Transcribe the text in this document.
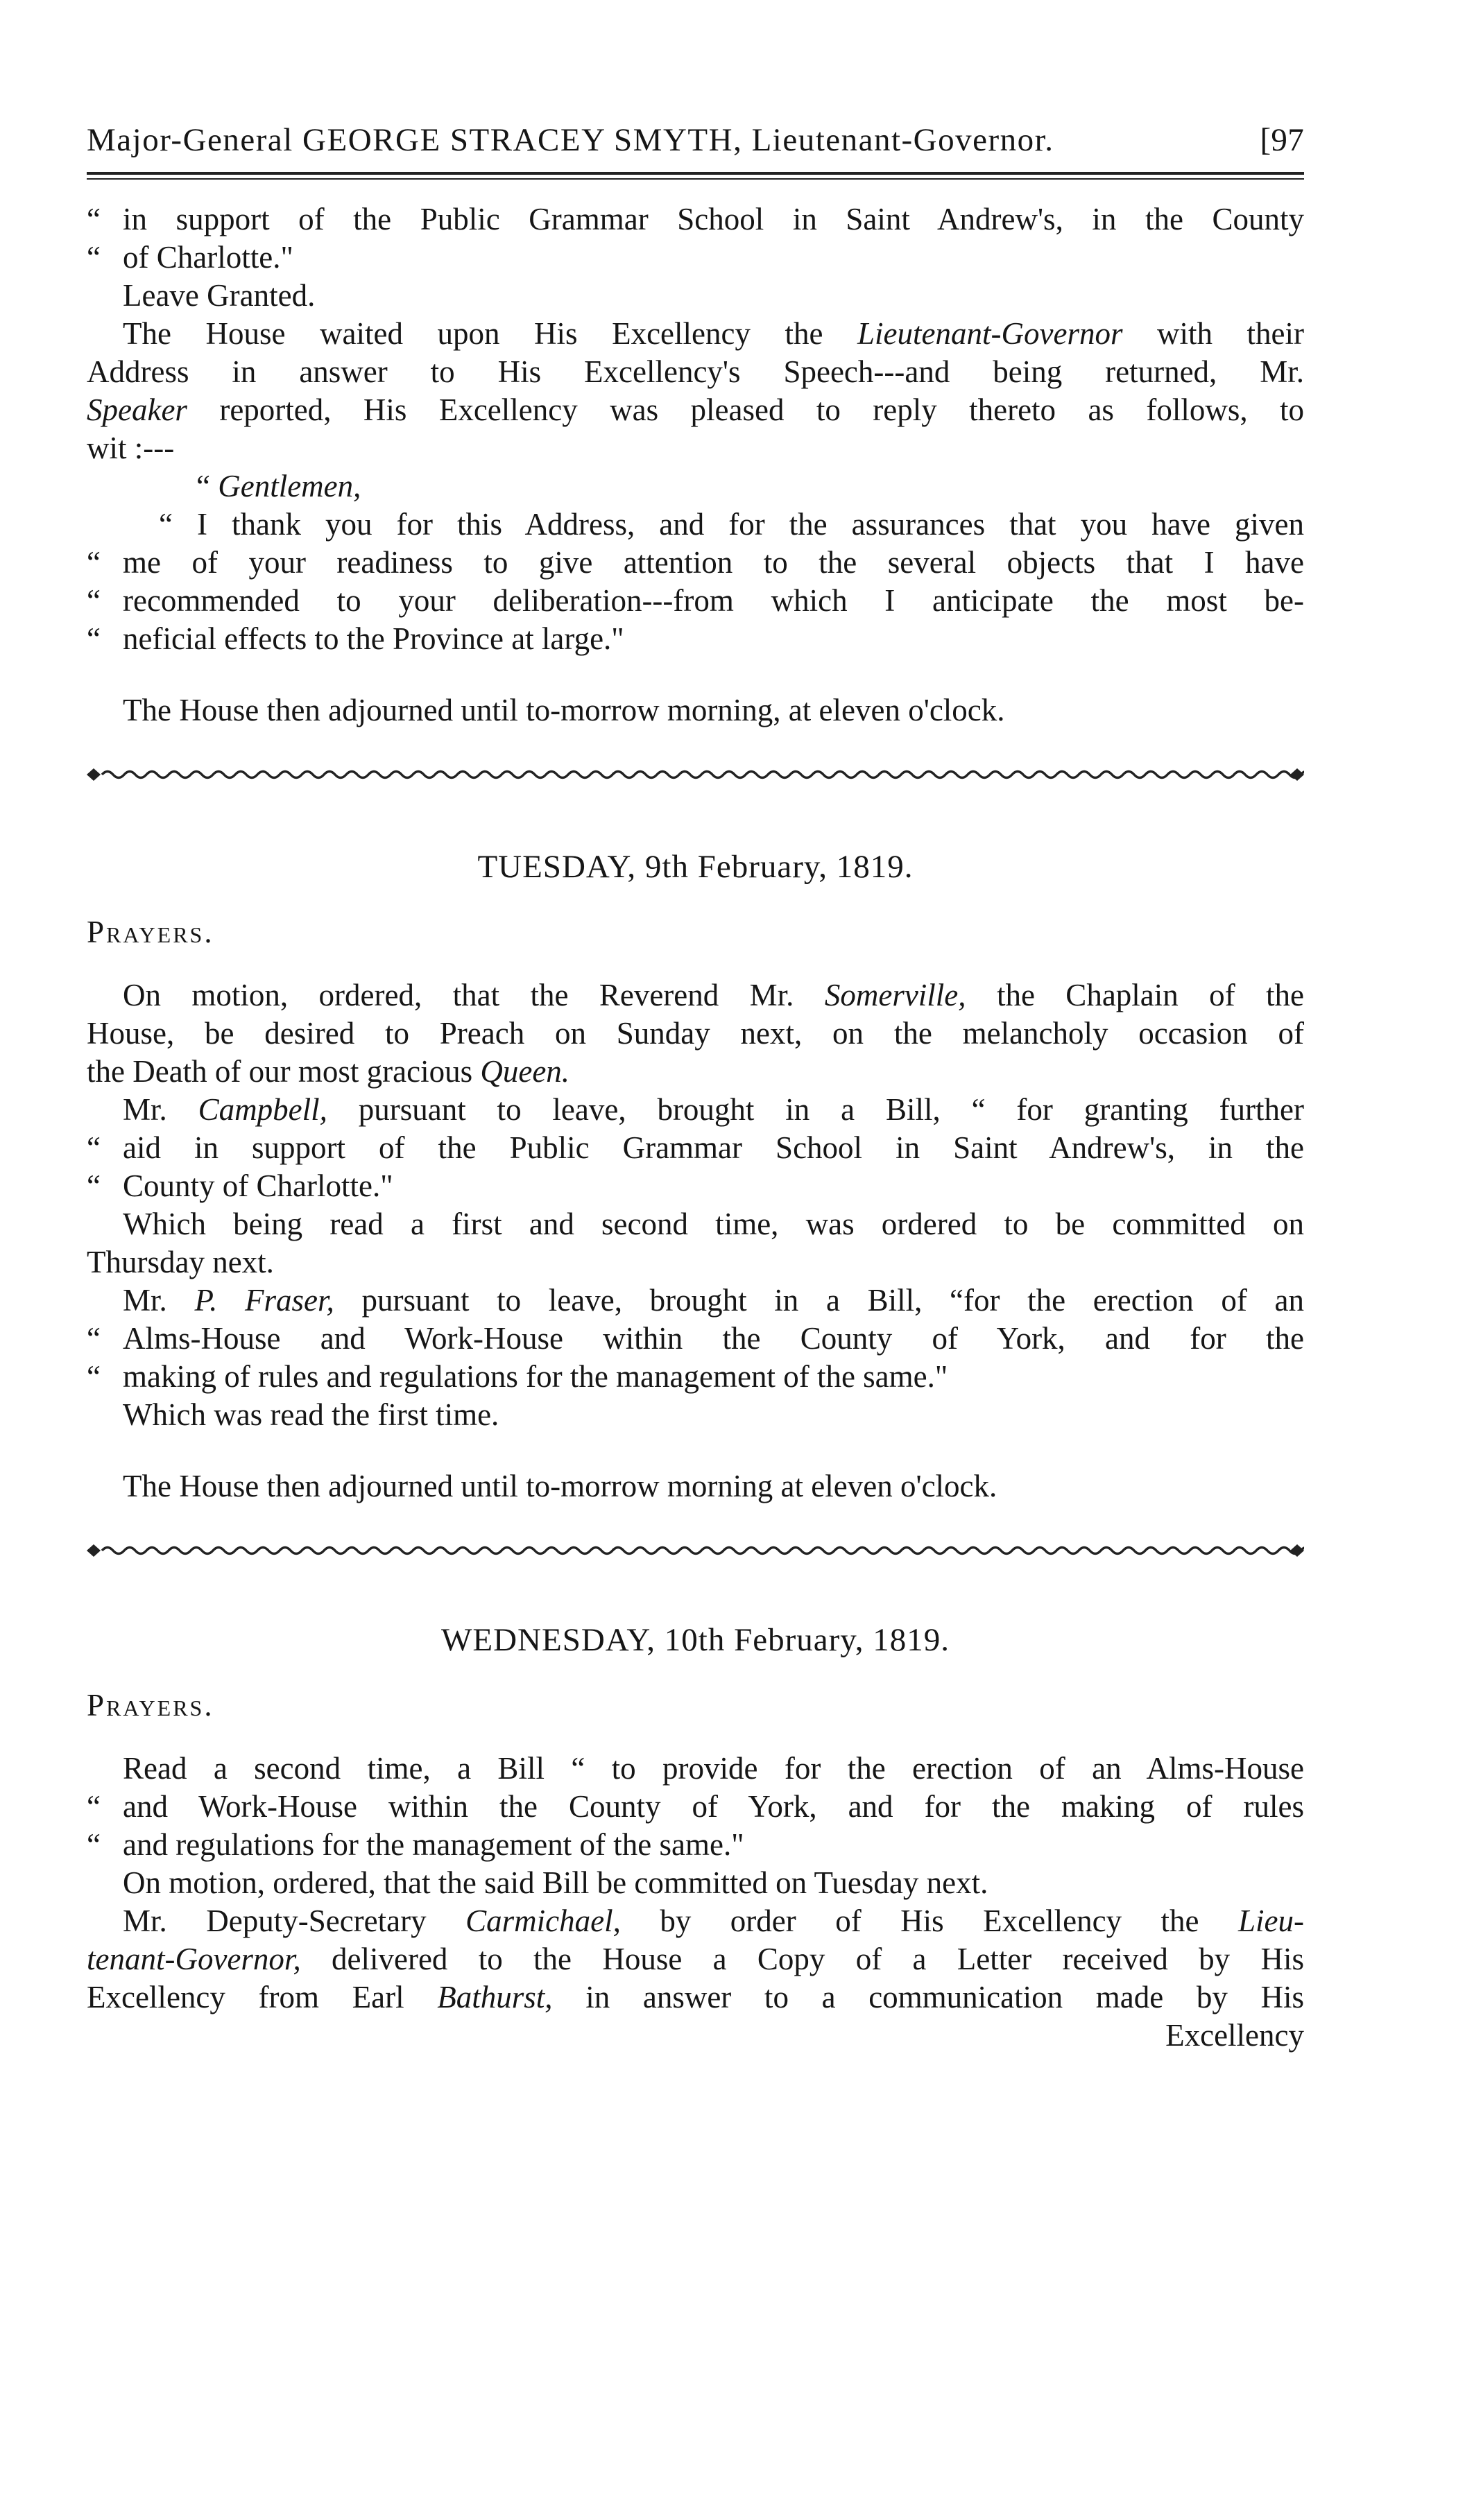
Major-General GEORGE STRACEY SMYTH, Lieutenant-Governor.	[97
“ in support of the Public Grammar School in Saint Andrew's, in the County
“ of Charlotte."
Leave Granted.
The House waited upon His Excellency the Lieutenant-Governor with their
Address in answer to His Excellency's Speech---and being returned, Mr.
Speaker reported, His Excellency was pleased to reply thereto as follows, to
wit :---
“ Gentlemen,
“ I thank you for this Address, and for the assurances that you have given
“ me of your readiness to give attention to the several objects that I have
“ recommended to your deliberation---from which I anticipate the most be-
“ neficial effects to the Province at large."
The House then adjourned until to-morrow morning, at eleven o'clock.
TUESDAY, 9th February, 1819.
Prayers.
On motion, ordered, that the Reverend Mr. Somerville, the Chaplain of the
House, be desired to Preach on Sunday next, on the melancholy occasion of
the Death of our most gracious Queen.
Mr. Campbell, pursuant to leave, brought in a Bill, “ for granting further
“ aid in support of the Public Grammar School in Saint Andrew's, in the
“ County of Charlotte."
Which being read a first and second time, was ordered to be committed on
Thursday next.
Mr. P. Fraser, pursuant to leave, brought in a Bill, “for the erection of an
“ Alms-House and Work-House within the County of York, and for the
“ making of rules and regulations for the management of the same."
Which was read the first time.
The House then adjourned until to-morrow morning at eleven o'clock.
WEDNESDAY, 10th February, 1819.
Prayers.
Read a second time, a Bill “ to provide for the erection of an Alms-House
“ and Work-House within the County of York, and for the making of rules
“ and regulations for the management of the same."
On motion, ordered, that the said Bill be committed on Tuesday next.
Mr. Deputy-Secretary Carmichael, by order of His Excellency the Lieu-
tenant-Governor, delivered to the House a Copy of a Letter received by His
Excellency from Earl Bathurst, in answer to a communication made by His
Excellency
